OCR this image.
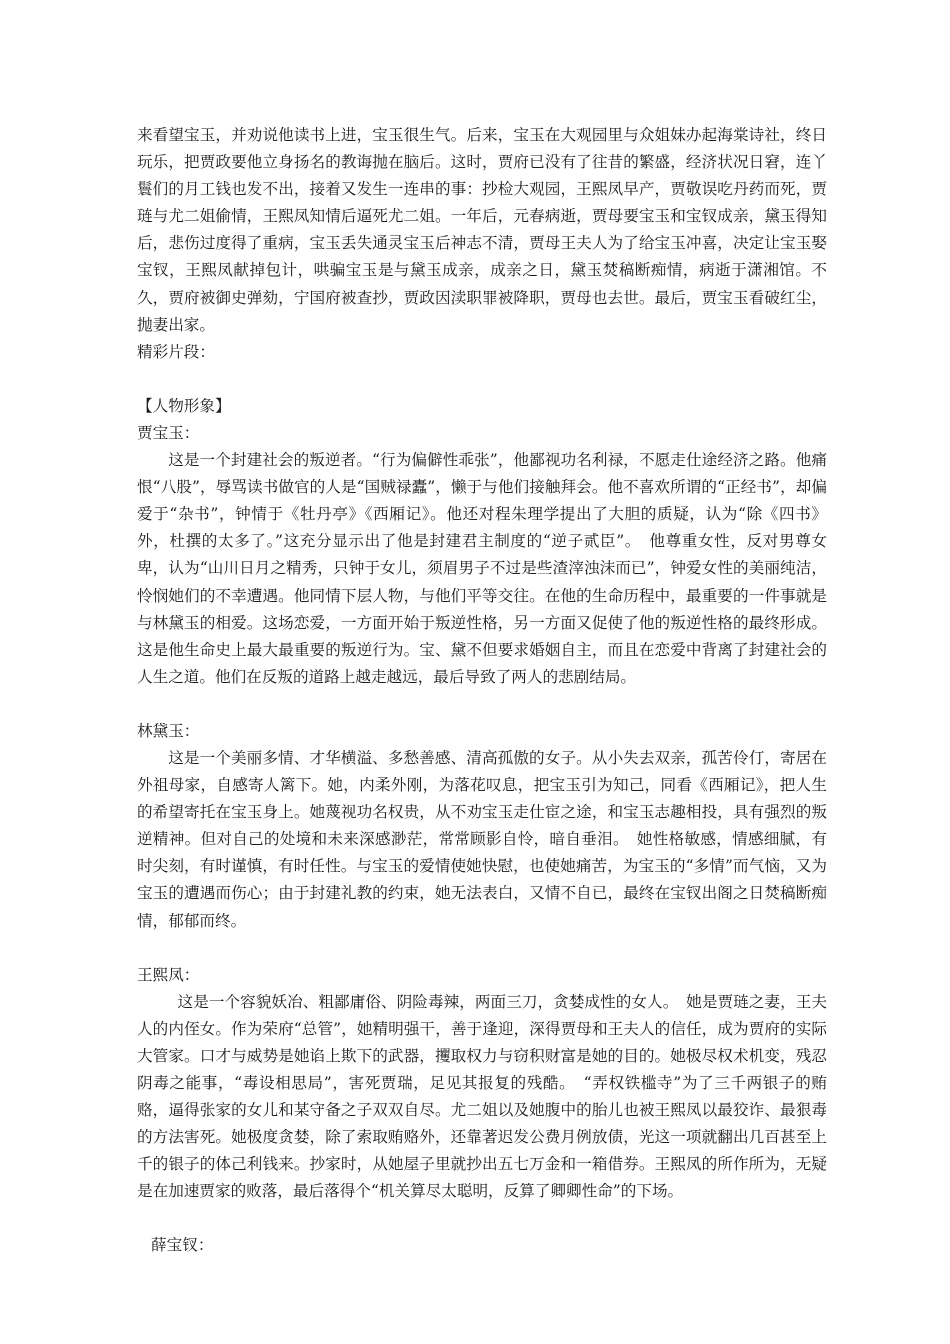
来看望宝玉，并劝说他读书上进，宝玉很生气。后来，宝玉在大观园里与众姐妹办起海棠诗社，终日玩乐，把贾政要他立身扬名的教诲抛在脑后。这时，贾府已没有了往昔的繁盛，经济状况日窘，连丫鬟们的月工钱也发不出，接着又发生一连串的事：抄检大观园，王熙凤早产，贾敬误吃丹药而死，贾琏与尤二姐偷情，王熙凤知情后逼死尤二姐。一年后，元春病逝，贾母要宝玉和宝钗成亲，黛玉得知后，悲伤过度得了重病，宝玉丢失通灵宝玉后神志不清，贾母王夫人为了给宝玉冲喜，决定让宝玉娶宝钗，王熙凤献掉包计，哄骗宝玉是与黛玉成亲，成亲之日，黛玉焚稿断痴情，病逝于潇湘馆。不久，贾府被御史弹劾，宁国府被查抄，贾政因渎职罪被降职，贾母也去世。最后，贾宝玉看破红尘，抛妻出家。

精彩片段：

【人物形象】

贾宝玉：

这是一个封建社会的叛逆者。“行为偏僻性乖张”，他鄙视功名利禄，不愿走仕途经济之路。他痛恨“八股”，辱骂读书做官的人是“国贼禄蠹”，懒于与他们接触拜会。他不喜欢所谓的“正经书”，却偏爱于“杂书”，钟情于《牡丹亭》《西厢记》。他还对程朱理学提出了大胆的质疑，认为“除《四书》外，杜撰的太多了。”这充分显示出了他是封建君主制度的“逆子贰臣”。　他尊重女性，反对男尊女卑，认为“山川日月之精秀，只钟于女儿，须眉男子不过是些渣滓浊沫而已”，钟爱女性的美丽纯洁，怜悯她们的不幸遭遇。他同情下层人物，与他们平等交往。在他的生命历程中，最重要的一件事就是与林黛玉的相爱。这场恋爱，一方面开始于叛逆性格，另一方面又促使了他的叛逆性格的最终形成。这是他生命史上最大最重要的叛逆行为。宝、黛不但要求婚姻自主，而且在恋爱中背离了封建社会的人生之道。他们在反叛的道路上越走越远，最后导致了两人的悲剧结局。

林黛玉：

这是一个美丽多情、才华横溢、多愁善感、清高孤傲的女子。从小失去双亲，孤苦伶仃，寄居在外祖母家，自感寄人篱下。她，内柔外刚，为落花叹息，把宝玉引为知己，同看《西厢记》，把人生的希望寄托在宝玉身上。她蔑视功名权贵，从不劝宝玉走仕宦之途，和宝玉志趣相投，具有强烈的叛逆精神。但对自己的处境和未来深感渺茫，常常顾影自怜，暗自垂泪。　她性格敏感，情感细腻，有时尖刻，有时谨慎，有时任性。与宝玉的爱情使她快慰，也使她痛苦，为宝玉的“多情”而气恼，又为宝玉的遭遇而伤心；由于封建礼教的约束，她无法表白，又情不自已，最终在宝钗出阁之日焚稿断痴情，郁郁而终。

王熙凤：

这是一个容貌妖冶、粗鄙庸俗、阴险毒辣，两面三刀，贪婪成性的女人。　她是贾琏之妻，王夫人的内侄女。作为荣府“总管”，她精明强干，善于逢迎，深得贾母和王夫人的信任，成为贾府的实际大管家。口才与威势是她谄上欺下的武器，攫取权力与窃积财富是她的目的。她极尽权术机变，残忍阴毒之能事，“毒设相思局”，害死贾瑞，足见其报复的残酷。　“弄权铁槛寺”为了三千两银子的贿赂，逼得张家的女儿和某守备之子双双自尽。尤二姐以及她腹中的胎儿也被王熙凤以最狡诈、最狠毒的方法害死。她极度贪婪，除了索取贿赂外，还靠著迟发公费月例放债，光这一项就翻出几百甚至上千的银子的体己利钱来。抄家时，从她屋子里就抄出五七万金和一箱借券。王熙凤的所作所为，无疑是在加速贾家的败落，最后落得个“机关算尽太聪明，反算了卿卿性命”的下场。

薛宝钗：
